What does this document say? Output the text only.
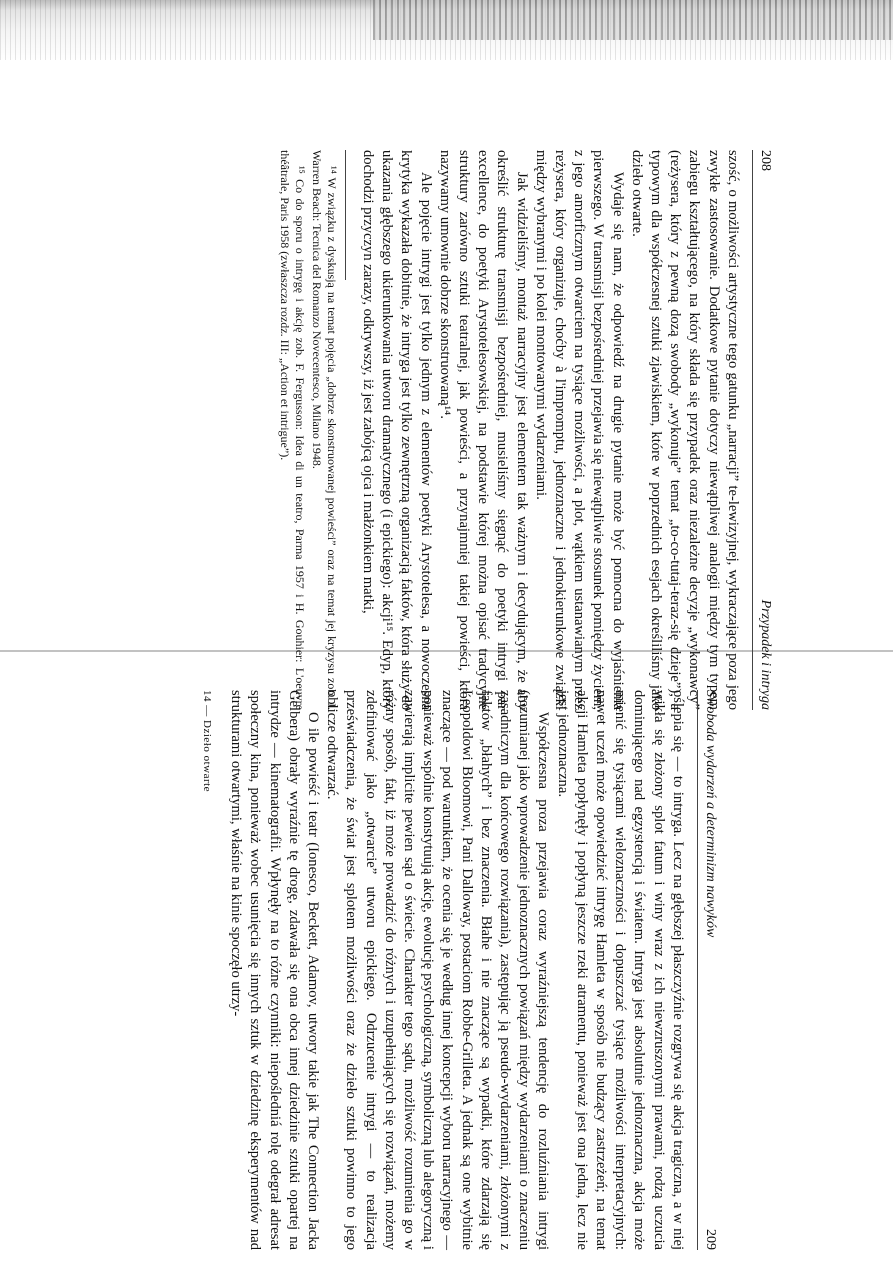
208
Przypadek i intryga

szość, o możliwości artystyczne tego gatunku „narracji” te-lewizyjnej, wykraczające poza jego zwykłe zastosowanie. Dodatkowe pytanie dotyczy niewątpliwej analogii między tym typem zabiegu kształtującego, na który składa się przypadek oraz niezależne decyzje „wykonawcy” (reżysera, który z pewną dozą swobody „wykonuje” temat „to-co-tutaj-teraz-się dzieje”), a typowym dla współczesnej sztuki zjawiskiem, które w poprzednich esejach określiliśmy jako dzieło otwarte.

Wydaje się nam, że odpowiedź na drugie pytanie może być pomocna do wyjaśnienia pierwszego. W transmisji bezpośredniej przejawia się niewątpliwie stosunek pomiędzy życiem, z jego amorficznym otwarciem na tysiące możliwości, a plot, wątkiem ustanawianym przez reżysera, który organizuje, choćby à l'impromptu, jednoznaczne i jednokierunkowe związki między wybranymi i po kolei montowanymi wydarzeniami.

Jak widzieliśmy, montaż narracyjny jest elementem tak ważnym i decydującym, że aby określić strukturę transmisji bezpośredniej, musieliśmy sięgnąć do poetyki intrygi par excellence, do poetyki Arystotelesowskiej, na podstawie której można opisać tradycyjne struktury zarówno sztuki teatralnej, jak powieści, a przynajmniej takiej powieści, która nazywamy umownie dobrze skonstruowaną¹⁴.

Ale pojęcie intrygi jest tylko jednym z elementów poetyki Arystotelesa, a nowoczesna krytyka wykazała dobitnie, że intryga jest tylko zewnętrzną organizacją faktów, która służy do ukazania głębszego ukierunkowania utworu dramatycznego (i epickiego): akcji¹⁵. Edyp, który dochodzi przyczyn zarazy, odkrywszy, iż jest zabójcą ojca i małżonkiem matki,

¹⁴ W związku z dyskusją na temat pojęcia „dobrze skonstruowanej powieści” oraz na temat jej kryzysu zob. J. Warren Beach: Tecnica del Romanzo Novecentesco, Milano 1948.

¹⁵ Co do sporu o intrygę i akcję zob. F. Fergusson: Idea di un teatro, Parma 1957 i H. Gouhier: L'oeuvre théâtrale, Paris 1958 (zwłaszcza rozdz. III: „Action et intrigue”).

Swoboda wydarzeń a determinizm nawyków
209

oślepia się — to intryga. Lecz na głębszej płaszczyźnie rozgrywa się akcja tragiczna, a w niej wikła się złożony splot fatum i winy wraz z ich niewzruszonymi prawami, rodzą uczucia dominującego nad egzystencją i światem. Intryga jest absolutnie jednoznaczna, akcja może mienić się tysiącami wieloznaczności i dopuszczać tysiące możliwości interpretacyjnych: nawet uczeń może opowiedzieć intrygę Hamleta w sposób nie budzący zastrzeżeń; na temat akcji Hamleta popłynęły i popłyną jeszcze rzeki atramentu, ponieważ jest ona jedna, lecz nie jest jednoznaczna.

Współczesna proza przejawia coraz wyraźniejszą tendencję do rozluźniania intrygi (rozumianej jako wprowadzenie jednoznacznych powiązań między wydarzeniami o znaczeniu zasadniczym dla końcowego rozwiązania), zastępując ją pseudo-wydarzeniami, złożonymi z faktów „błahych” i bez znaczenia. Błahe i nie znaczące są wypadki, które zdarzają się Leopoldowi Bloomowi, Pani Dalloway, postaciom Robbe-Grilleta. A jednak są one wybitnie znaczące — pod warunkiem, że ocenia się je według innej koncepcji wyboru narracyjnego — ponieważ wspólnie konstytuują akcję, ewolucję psychologiczną, symboliczną lub alegoryczną i zawierają implicite pewien sąd o świecie. Charakter tego sądu, możliwość rozumienia go w różny sposób, fakt, iż może prowadzić do różnych i uzupełniających się rozwiązań, możemy zdefiniować jako „otwarcie” utworu epickiego. Odrzucenie intrygi — to realizacja przeświadczenia, że świat jest splotem możliwości oraz że dzieło sztuki powinno to jego oblicze odtwarzać.

O ile powieść i teatr (Ionesco, Beckett, Adamov, utwory takie jak The Connection Jacka Gelbera) obrały wyraźnie tę drogę, zdawała się ona obca innej dziedzinie sztuki opartej na intrydze — kinematografii. Wpłynęły na to różne czynniki: niepośledniá rolę odegrał adresat społeczny kina, ponieważ wobec usunięcia się innych sztuk w dziedzinę eksperymentów nad strukturami otwartymi, właśnie na kinie spoczęło utrzy-

14 — Dzieło otwarte
